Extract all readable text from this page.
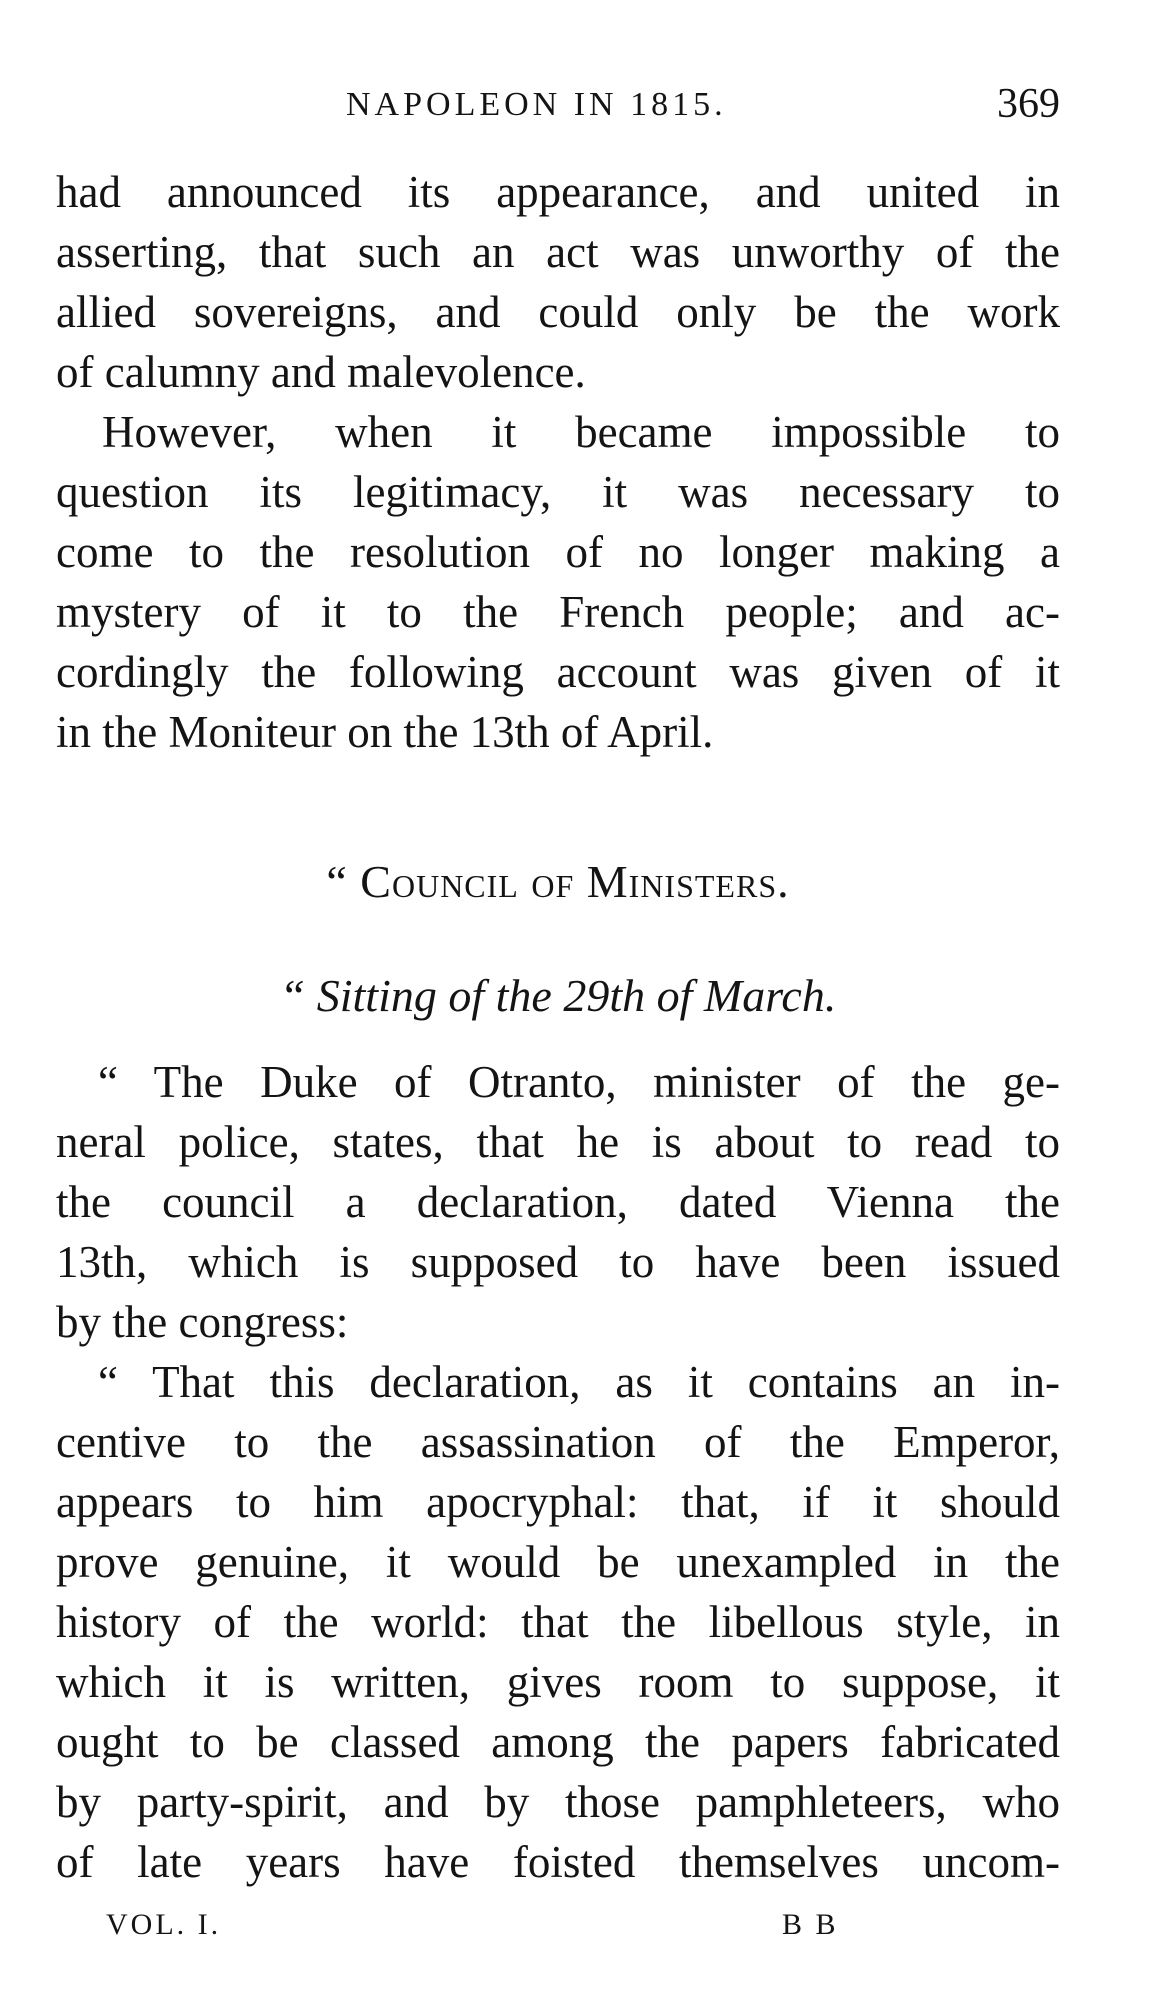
NAPOLEON IN 1815.	369
had announced its appearance, and united in
asserting, that such an act was unworthy of the
allied sovereigns, and could only be the work
of calumny and malevolence.
However, when it became impossible to
question its legitimacy, it was necessary to
come to the resolution of no longer making a
mystery of it to the French people; and ac-
cordingly the following account was given of it
in the Moniteur on the 13th of April.
“ Council of Ministers.
“ Sitting of the 29th of March.
“ The Duke of Otranto, minister of the ge-
neral police, states, that he is about to read to
the council a declaration, dated Vienna the
13th, which is supposed to have been issued
by the congress:
“ That this declaration, as it contains an in-
centive to the assassination of the Emperor,
appears to him apocryphal: that, if it should
prove genuine, it would be unexampled in the
history of the world: that the libellous style, in
which it is written, gives room to suppose, it
ought to be classed among the papers fabricated
by party-spirit, and by those pamphleteers, who
of late years have foisted themselves uncom-
VOL. I.	B B
